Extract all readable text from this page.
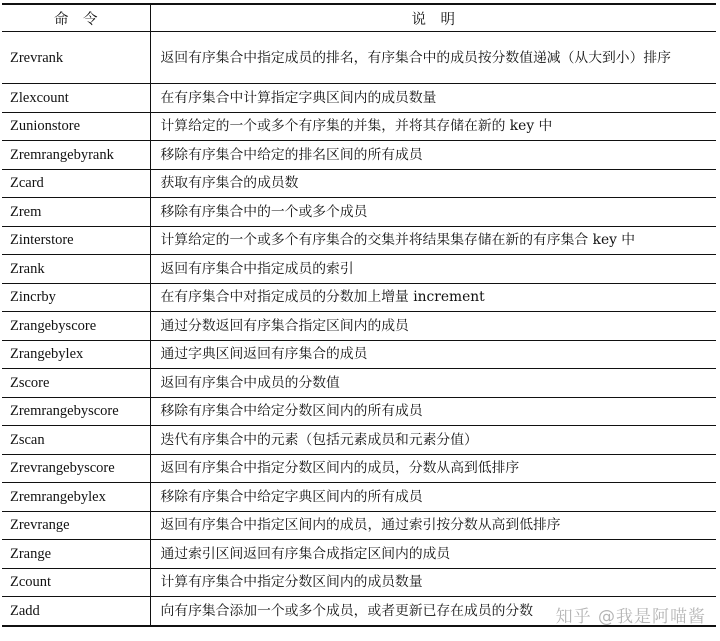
命　令	说　明
Zrevrank	返回有序集合中指定成员的排名，有序集合中的成员按分数值递减（从大到小）排序
Zlexcount	在有序集合中计算指定字典区间内的成员数量
Zunionstore	计算给定的一个或多个有序集的并集，并将其存储在新的 key 中
Zremrangebyrank	移除有序集合中给定的排名区间的所有成员
Zcard	获取有序集合的成员数
Zrem	移除有序集合中的一个或多个成员
Zinterstore	计算给定的一个或多个有序集合的交集并将结果集存储在新的有序集合 key 中
Zrank	返回有序集合中指定成员的索引
Zincrby	在有序集合中对指定成员的分数加上增量 increment
Zrangebyscore	通过分数返回有序集合指定区间内的成员
Zrangebylex	通过字典区间返回有序集合的成员
Zscore	返回有序集合中成员的分数值
Zremrangebyscore	移除有序集合中给定分数区间内的所有成员
Zscan	迭代有序集合中的元素（包括元素成员和元素分值）
Zrevrangebyscore	返回有序集合中指定分数区间内的成员，分数从高到低排序
Zremrangebylex	移除有序集合中给定字典区间内的所有成员
Zrevrange	返回有序集合中指定区间内的成员，通过索引按分数从高到低排序
Zrange	通过索引区间返回有序集合成指定区间内的成员
Zcount	计算有序集合中指定分数区间内的成员数量
Zadd	向有序集合添加一个或多个成员，或者更新已存在成员的分数 知乎 @我是阿喵酱
